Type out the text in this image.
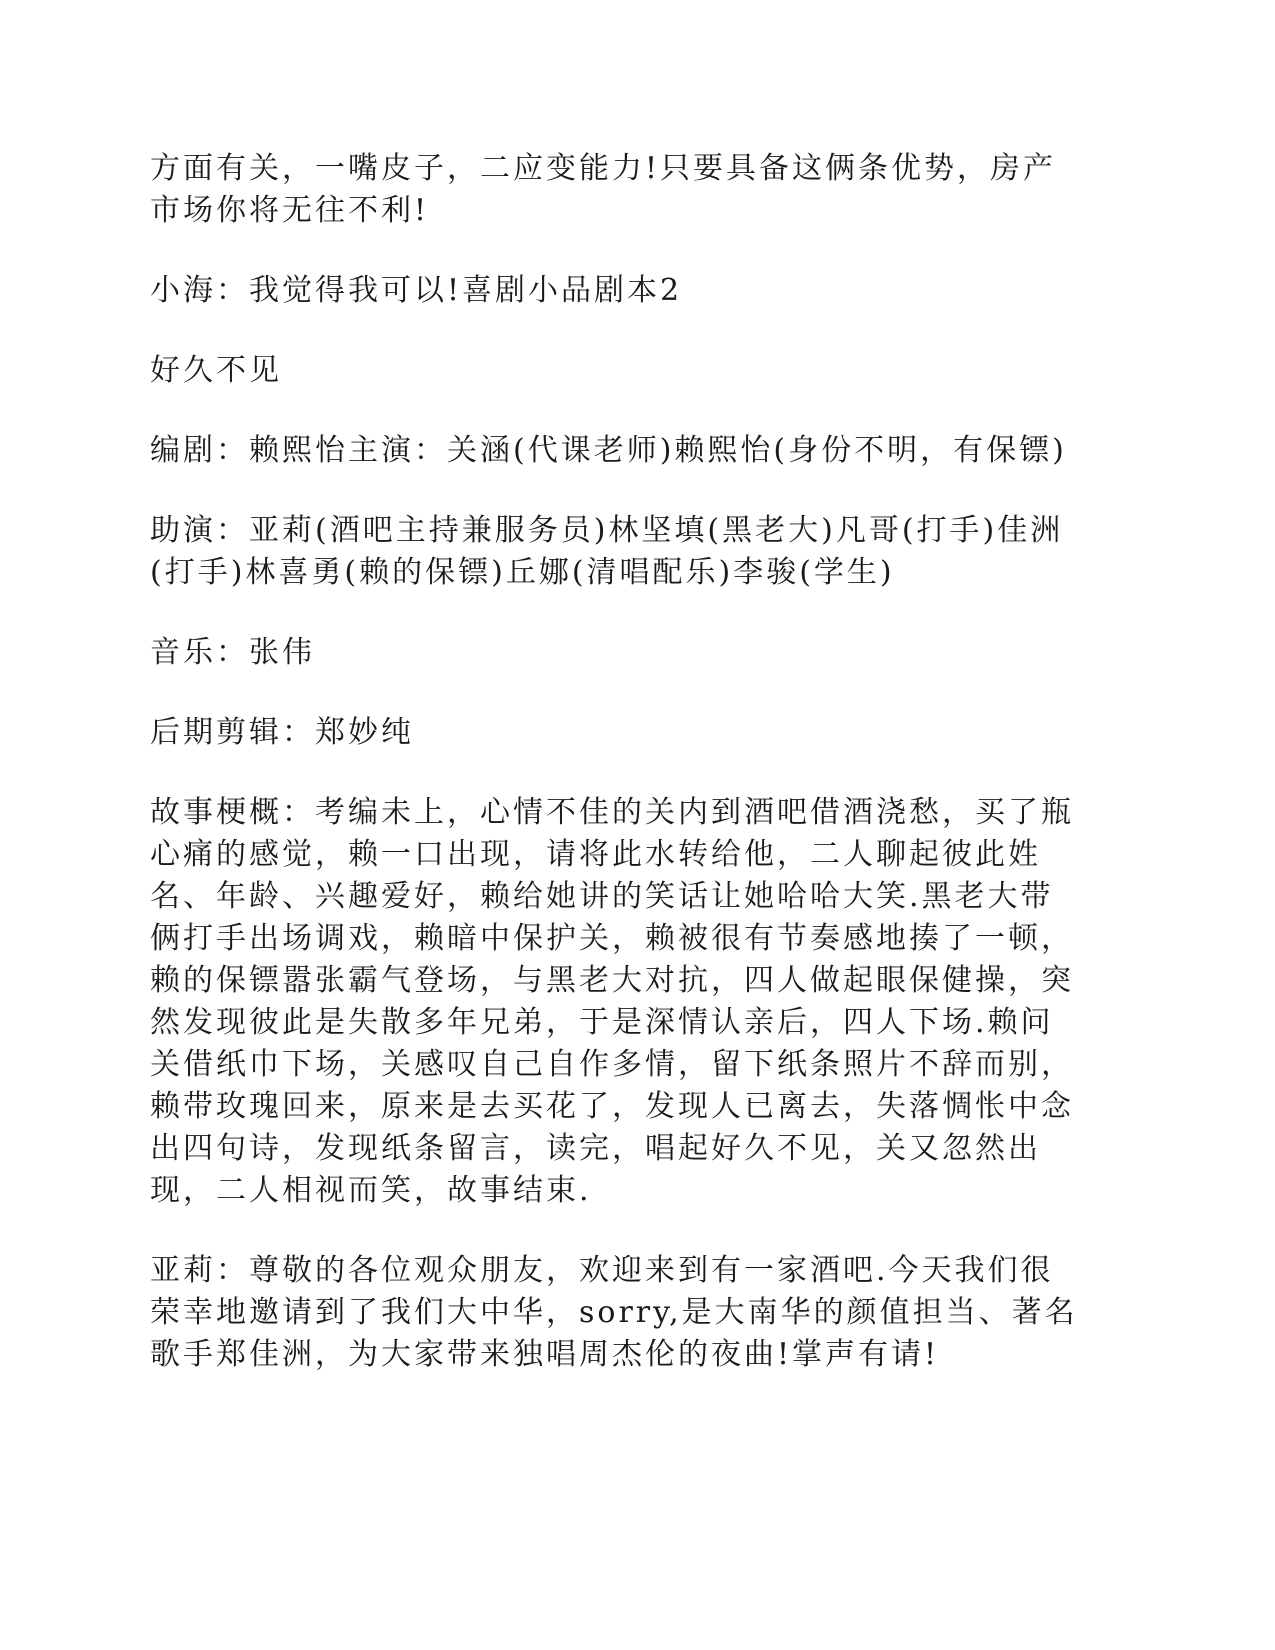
方面有关，一嘴皮子，二应变能力!只要具备这俩条优势，房产市场你将无往不利!

小海：我觉得我可以!喜剧小品剧本2

好久不见

编剧：赖熙怡主演：关涵(代课老师)赖熙怡(身份不明，有保镖)

助演：亚莉(酒吧主持兼服务员)林坚填(黑老大)凡哥(打手)佳洲(打手)林喜勇(赖的保镖)丘娜(清唱配乐)李骏(学生)

音乐：张伟

后期剪辑：郑妙纯

故事梗概：考编未上，心情不佳的关内到酒吧借酒浇愁，买了瓶心痛的感觉，赖一口出现，请将此水转给他，二人聊起彼此姓名、年龄、兴趣爱好，赖给她讲的笑话让她哈哈大笑.黑老大带俩打手出场调戏，赖暗中保护关，赖被很有节奏感地揍了一顿，赖的保镖嚣张霸气登场，与黑老大对抗，四人做起眼保健操，突然发现彼此是失散多年兄弟，于是深情认亲后，四人下场.赖问关借纸巾下场，关感叹自己自作多情，留下纸条照片不辞而别，赖带玫瑰回来，原来是去买花了，发现人已离去，失落惆怅中念出四句诗，发现纸条留言，读完，唱起好久不见，关又忽然出现，二人相视而笑，故事结束.

亚莉：尊敬的各位观众朋友，欢迎来到有一家酒吧.今天我们很荣幸地邀请到了我们大中华，sorry,是大南华的颜值担当、著名歌手郑佳洲，为大家带来独唱周杰伦的夜曲!掌声有请!
